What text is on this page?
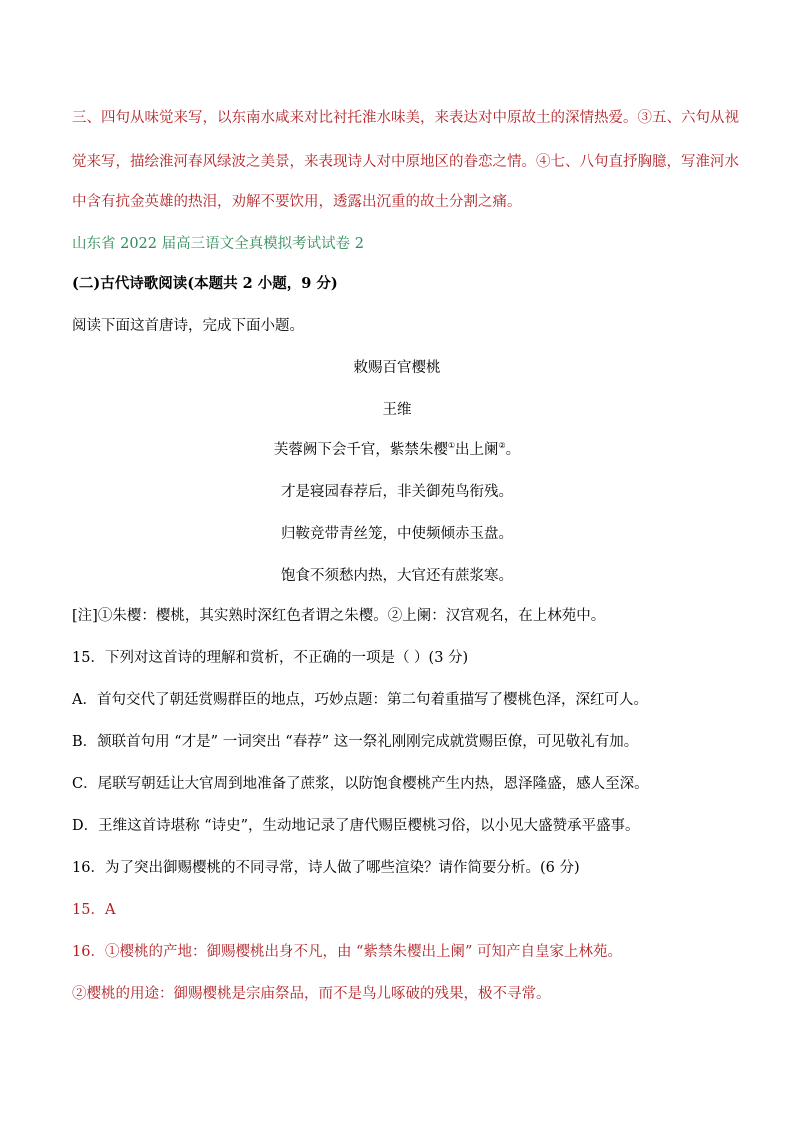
三、四句从味觉来写，以东南水咸来对比衬托淮水味美，来表达对中原故土的深情热爱。③五、六句从视
觉来写，描绘淮河春风绿波之美景，来表现诗人对中原地区的眷恋之情。④七、八句直抒胸臆，写淮河水
中含有抗金英雄的热泪，劝解不要饮用，透露出沉重的故土分割之痛。
山东省 2022 届高三语文全真模拟考试试卷 2
(二)古代诗歌阅读(本题共 2 小题，9 分)
阅读下面这首唐诗，完成下面小题。
敕赐百官樱桃
王维
芙蓉阙下会千官，紫禁朱樱①出上阑②。
才是寝园春荐后，非关御苑鸟衔残。
归鞍竞带青丝笼，中使频倾赤玉盘。
饱食不须愁内热，大官还有蔗浆寒。
[注]①朱樱：樱桃，其实熟时深红色者谓之朱樱。②上阑：汉宫观名，在上林苑中。
15．下列对这首诗的理解和赏析，不正确的一项是（ ）(3 分)
A．首句交代了朝廷赏赐群臣的地点，巧妙点题：第二句着重描写了樱桃色泽，深红可人。
B．颔联首句用 “才是” 一词突出 “春荐” 这一祭礼刚刚完成就赏赐臣僚，可见敬礼有加。
C．尾联写朝廷让大官周到地准备了蔗浆，以防饱食樱桃产生内热，恩泽隆盛，感人至深。
D．王维这首诗堪称 “诗史”，生动地记录了唐代赐臣樱桃习俗，以小见大盛赞承平盛事。
16．为了突出御赐樱桃的不同寻常，诗人做了哪些渲染？请作简要分析。(6 分)
15．A
16．①樱桃的产地：御赐樱桃出身不凡，由 “紫禁朱樱出上阑” 可知产自皇家上林苑。
②樱桃的用途：御赐樱桃是宗庙祭品，而不是鸟儿啄破的残果，极不寻常。
